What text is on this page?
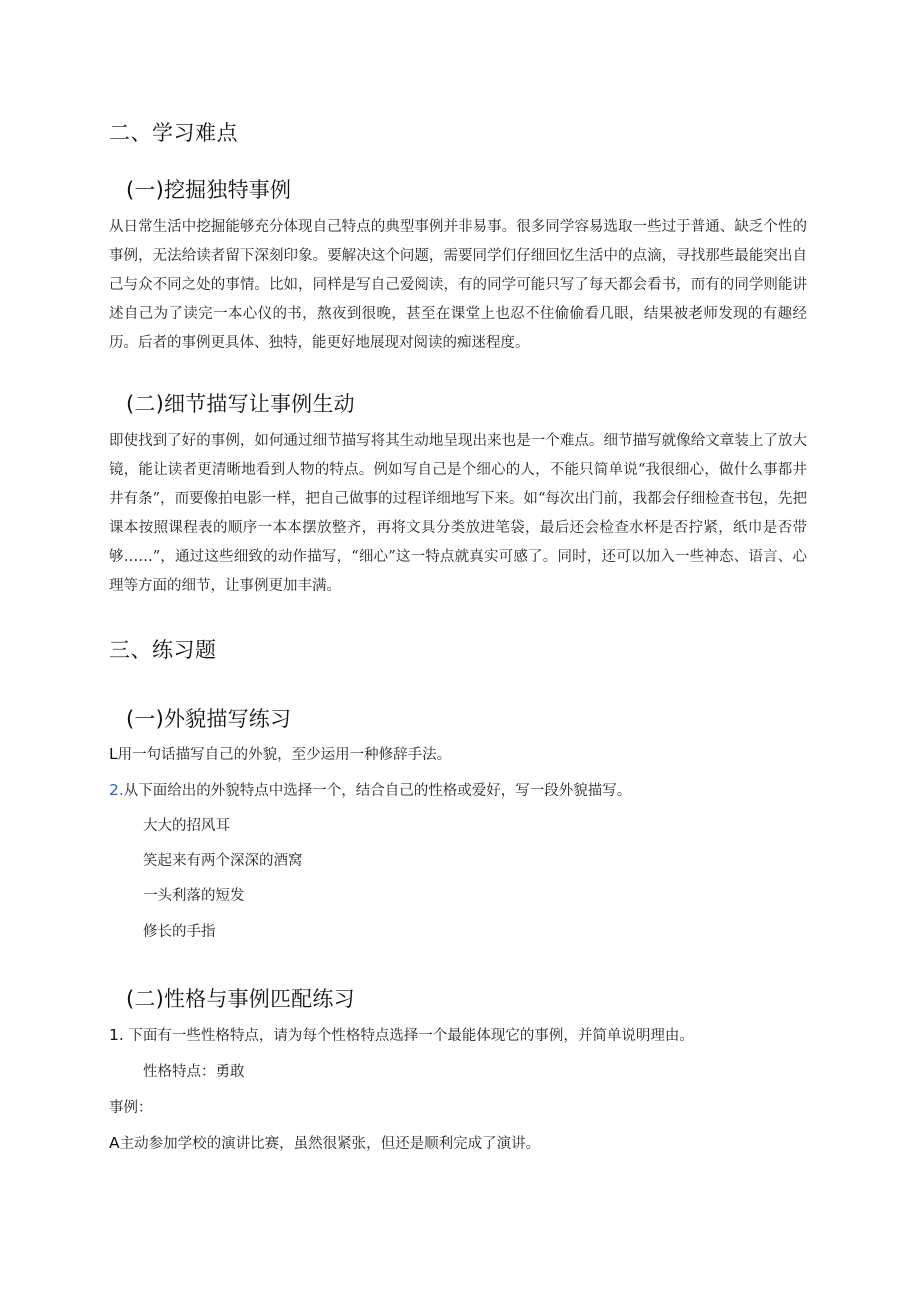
二、学习难点
(一)挖掘独特事例

从日常生活中挖掘能够充分体现自己特点的典型事例并非易事。很多同学容易选取一些过于普通、缺乏个性的事例，无法给读者留下深刻印象。要解决这个问题，需要同学们仔细回忆生活中的点滴，寻找那些最能突出自己与众不同之处的事情。比如，同样是写自己爱阅读，有的同学可能只写了每天都会看书，而有的同学则能讲述自己为了读完一本心仪的书，熬夜到很晚，甚至在课堂上也忍不住偷偷看几眼，结果被老师发现的有趣经历。后者的事例更具体、独特，能更好地展现对阅读的痴迷程度。

(二)细节描写让事例生动

即使找到了好的事例，如何通过细节描写将其生动地呈现出来也是一个难点。细节描写就像给文章装上了放大镜，能让读者更清晰地看到人物的特点。例如写自己是个细心的人，不能只简单说“我很细心，做什么事都井井有条”，而要像拍电影一样，把自己做事的过程详细地写下来。如“每次出门前，我都会仔细检查书包，先把课本按照课程表的顺序一本本摆放整齐，再将文具分类放进笔袋，最后还会检查水杯是否拧紧，纸巾是否带够……”，通过这些细致的动作描写，“细心”这一特点就真实可感了。同时，还可以加入一些神态、语言、心理等方面的细节，让事例更加丰满。

三、练习题
(一)外貌描写练习

L用一句话描写自己的外貌，至少运用一种修辞手法。

2.从下面给出的外貌特点中选择一个，结合自己的性格或爱好，写一段外貌描写。

大大的招风耳

笑起来有两个深深的酒窝

一头利落的短发

修长的手指

(二)性格与事例匹配练习

1. 下面有一些性格特点，请为每个性格特点选择一个最能体现它的事例，并简单说明理由。

性格特点：勇敢

事例：

A主动参加学校的演讲比赛，虽然很紧张，但还是顺利完成了演讲。
